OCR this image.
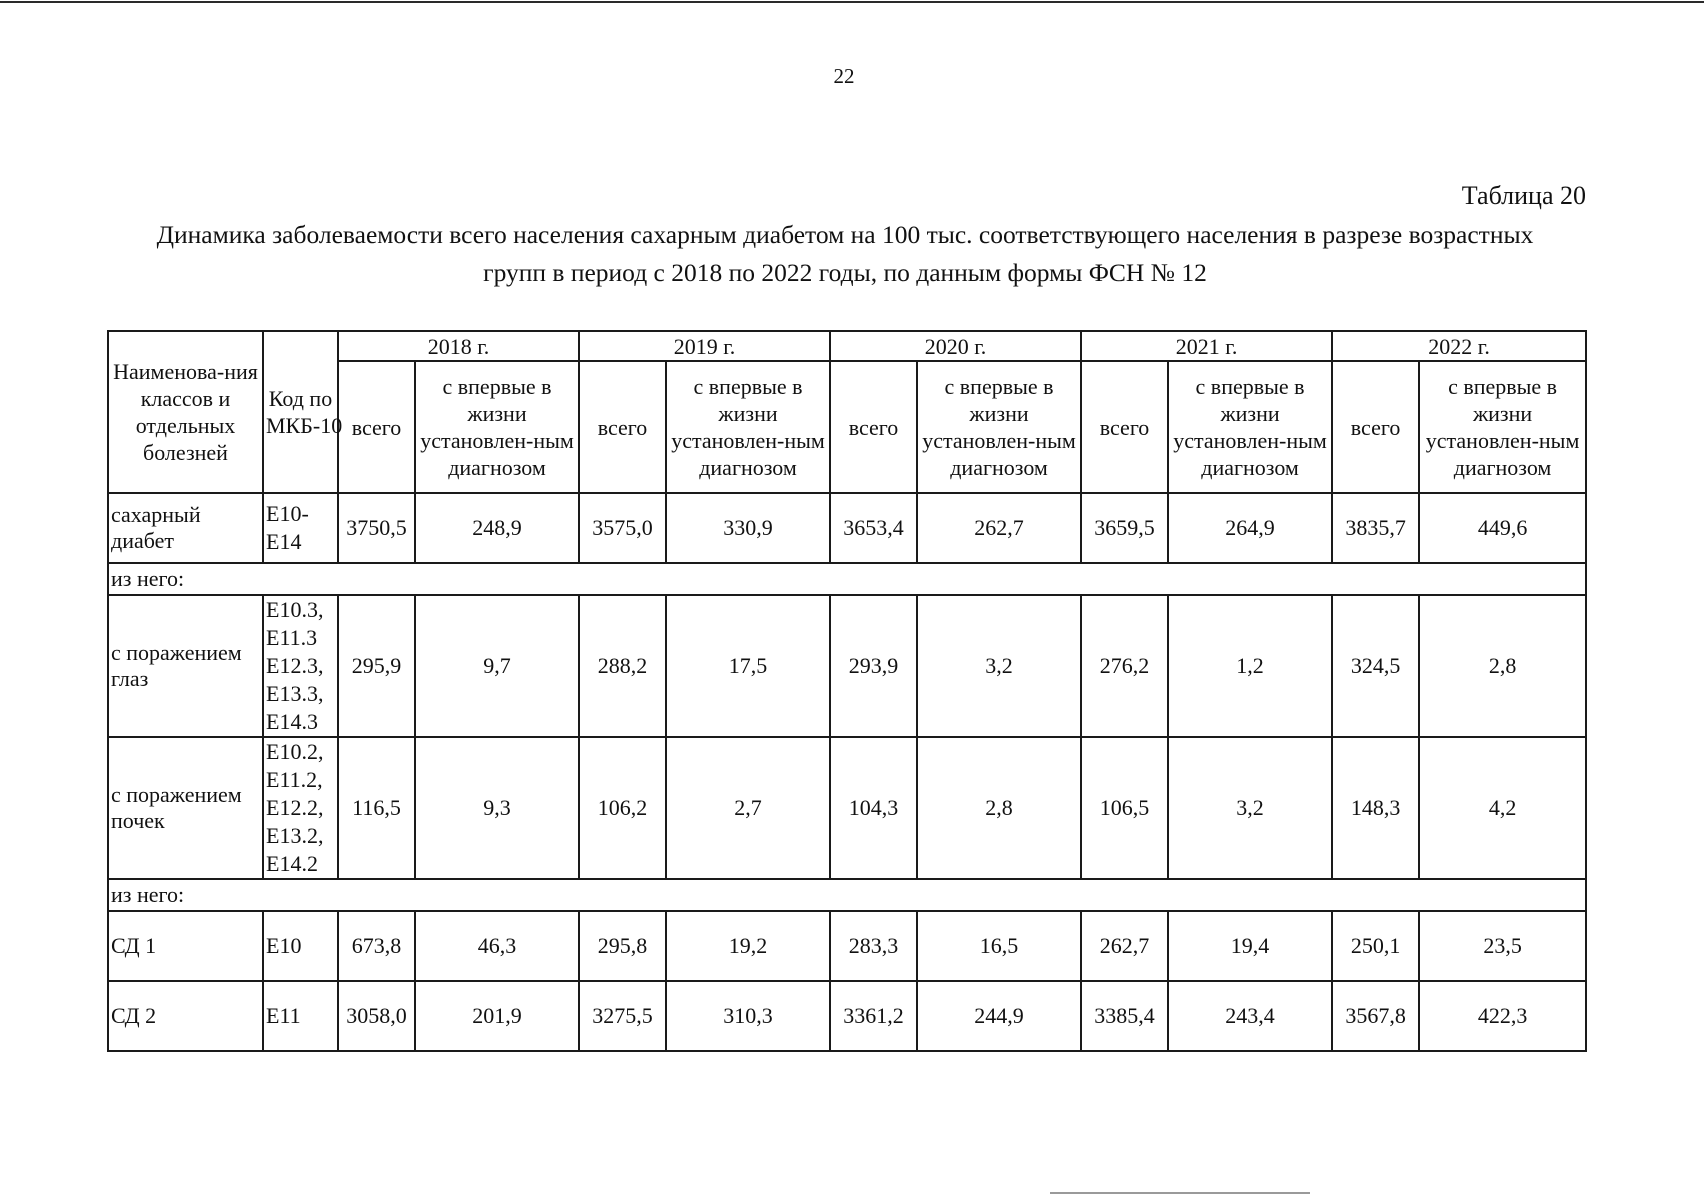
22
Таблица 20
Динамика заболеваемости всего населения сахарным диабетом на 100 тыс. соответствующего населения в разрезе возрастных групп в период с 2018 по 2022 годы, по данным формы ФСН № 12
Наименова-ния классов и отдельных болезней	Код по МКБ-10	2018 г.		2019 г.		2020 г.		2021 г.		2022 г.	
		всего	с впервые в жизни установлен-ным диагнозом	всего	с впервые в жизни установлен-ным диагнозом	всего	с впервые в жизни установлен-ным диагнозом	всего	с впервые в жизни установлен-ным диагнозом	всего	с впервые в жизни установлен-ным диагнозом
сахарный диабет	E10-E14	3750,5	248,9	3575,0	330,9	3653,4	262,7	3659,5	264,9	3835,7	449,6
из него:											
с поражением глаз	E10.3, E11.3 E12.3, E13.3, E14.3	295,9	9,7	288,2	17,5	293,9	3,2	276,2	1,2	324,5	2,8
с поражением почек	E10.2, E11.2, E12.2, E13.2, E14.2	116,5	9,3	106,2	2,7	104,3	2,8	106,5	3,2	148,3	4,2
из него:											
СД 1	E10	673,8	46,3	295,8	19,2	283,3	16,5	262,7	19,4	250,1	23,5
СД 2	E11	3058,0	201,9	3275,5	310,3	3361,2	244,9	3385,4	243,4	3567,8	422,3
